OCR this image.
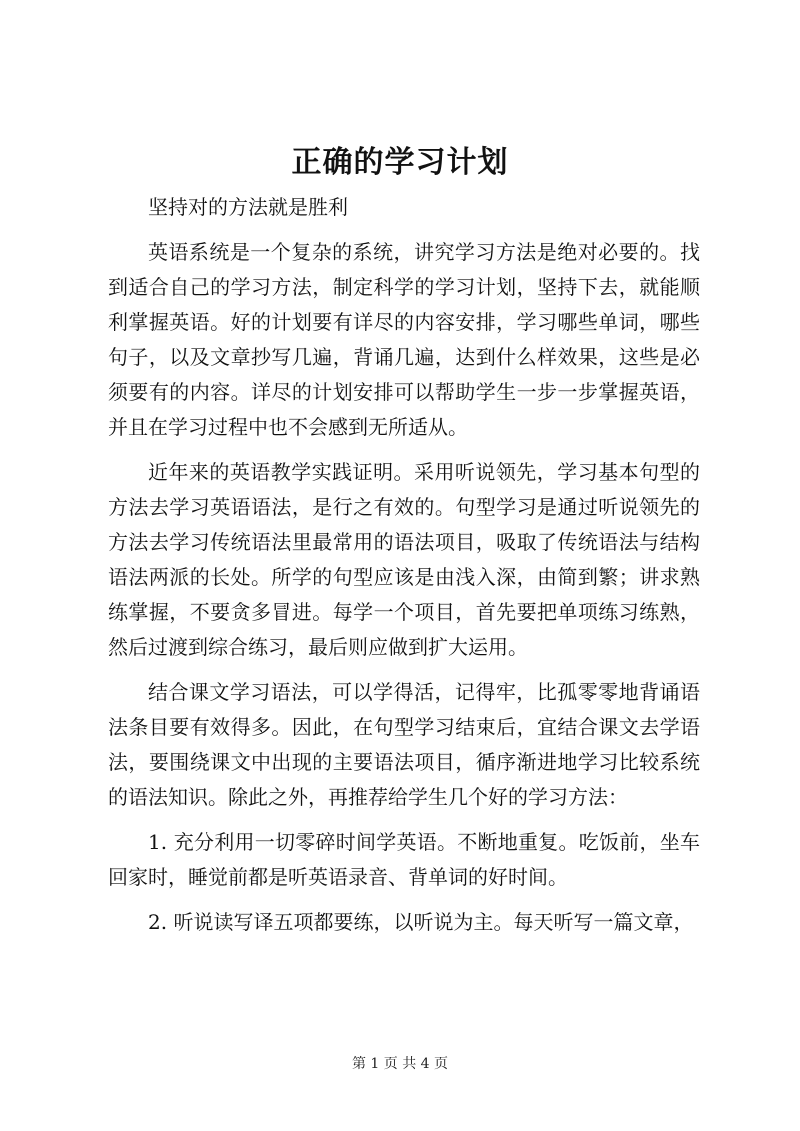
正确的学习计划

坚持对的方法就是胜利

英语系统是一个复杂的系统，讲究学习方法是绝对必要的。找到适合自己的学习方法，制定科学的学习计划，坚持下去，就能顺利掌握英语。好的计划要有详尽的内容安排，学习哪些单词，哪些句子，以及文章抄写几遍，背诵几遍，达到什么样效果，这些是必须要有的内容。详尽的计划安排可以帮助学生一步一步掌握英语，并且在学习过程中也不会感到无所适从。

近年来的英语教学实践证明。采用听说领先，学习基本句型的方法去学习英语语法，是行之有效的。句型学习是通过听说领先的方法去学习传统语法里最常用的语法项目，吸取了传统语法与结构语法两派的长处。所学的句型应该是由浅入深，由简到繁；讲求熟练掌握，不要贪多冒进。每学一个项目，首先要把单项练习练熟，然后过渡到综合练习，最后则应做到扩大运用。

结合课文学习语法，可以学得活，记得牢，比孤零零地背诵语法条目要有效得多。因此，在句型学习结束后，宜结合课文去学语法，要围绕课文中出现的主要语法项目，循序渐进地学习比较系统的语法知识。除此之外，再推荐给学生几个好的学习方法：

1. 充分利用一切零碎时间学英语。不断地重复。吃饭前，坐车回家时，睡觉前都是听英语录音、背单词的好时间。

2. 听说读写译五项都要练，以听说为主。每天听写一篇文章，

第 1 页 共 4 页
